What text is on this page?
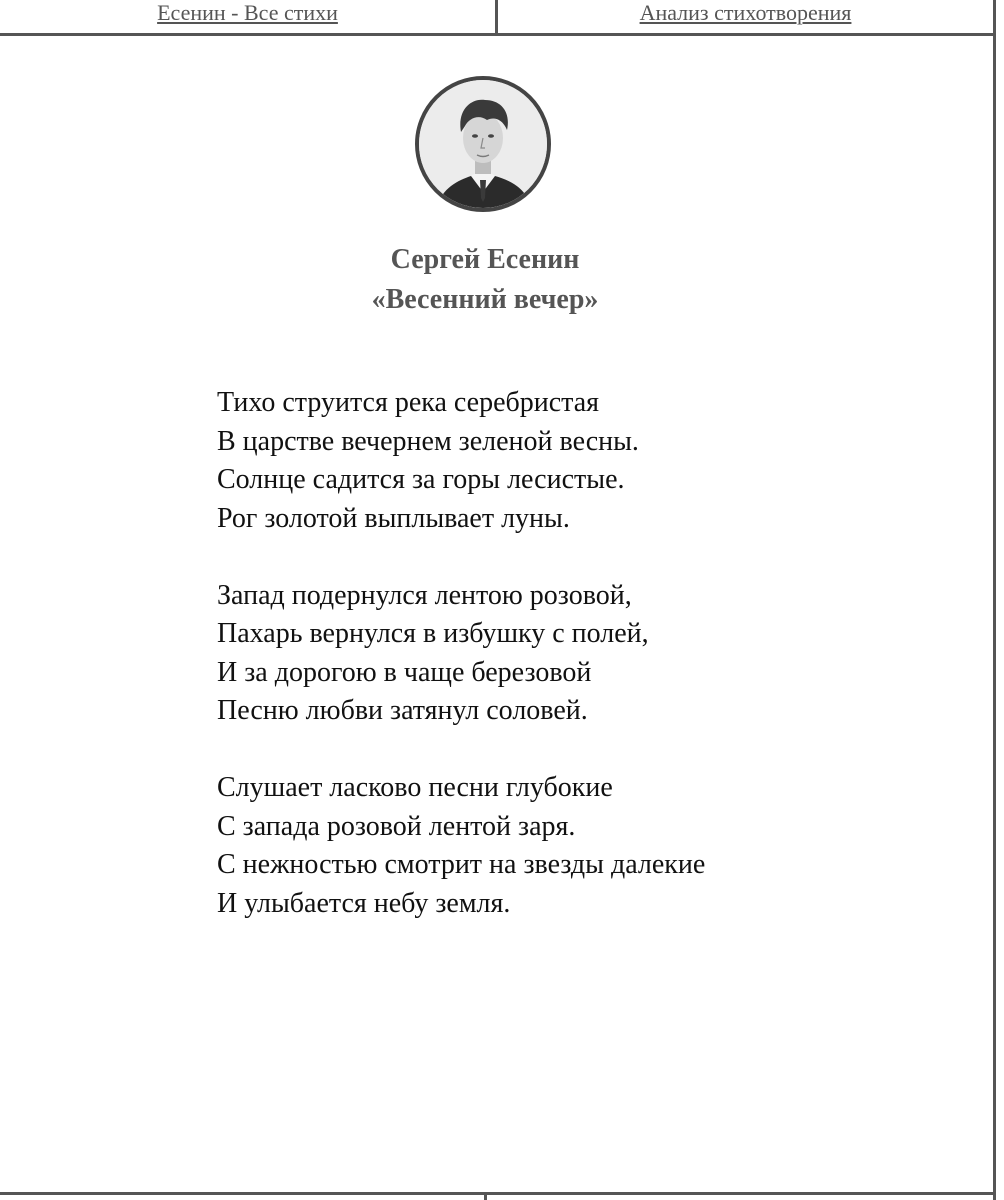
Есенин - Все стихи	Анализ стихотворения
Сергей Есенин
«Весенний вечер»
Тихо струится река серебристая
В царстве вечернем зеленой весны.
Солнце садится за горы лесистые.
Рог золотой выплывает луны.
Запад подернулся лентою розовой,
Пахарь вернулся в избушку с полей,
И за дорогою в чаще березовой
Песню любви затянул соловей.
Слушает ласково песни глубокие
С запада розовой лентой заря.
С нежностью смотрит на звезды далекие
И улыбается небу земля.
